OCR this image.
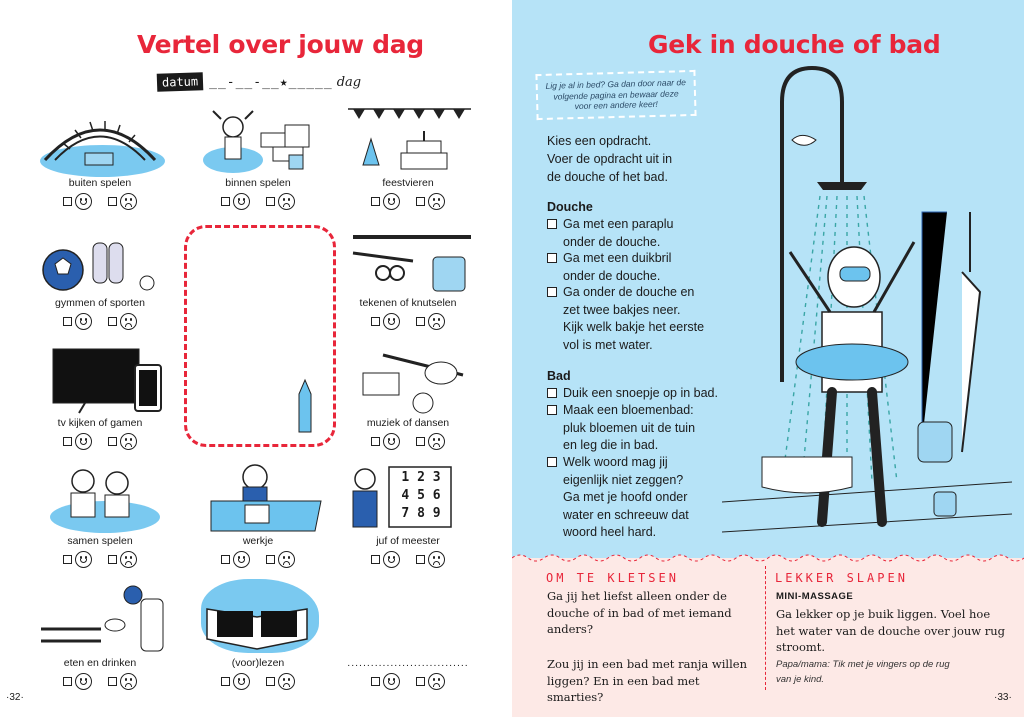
Vertel over jouw dag
datum __-__-__★_____ dag
buiten spelen	binnen spelen	feestvieren
gymmen of sporten	tekenen of knutselen
tv kijken of gamen	muziek of dansen
samen spelen	werkje
1 2 3
4 5 6
7 8 9
juf of meester
eten en drinken	(voor)lezen	...............................
·32·
Gek in douche of bad
Lig je al in bed? Ga dan door naar de volgende pagina en bewaar deze voor een andere keer!
Kies een opdracht.
Voer de opdracht uit in
de douche of het bad.
Douche
Ga met een paraplu
onder de douche.
Ga met een duikbril
onder de douche.
Ga onder de douche en
zet twee bakjes neer.
Kijk welk bakje het eerste
vol is met water.
Bad
Duik een snoepje op in bad.
Maak een bloemenbad:
pluk bloemen uit de tuin
en leg die in bad.
Welk woord mag jij
eigenlijk niet zeggen?
Ga met je hoofd onder
water en schreeuw dat
woord heel hard.
OM TE KLETSEN
Ga jij het liefst alleen onder de
douche of in bad of met iemand
anders?
Zou jij in een bad met ranja willen
liggen? En in een bad met smarties?
LEKKER SLAPEN
MINI-MASSAGE
Ga lekker op je buik liggen. Voel hoe
het water van de douche over jouw rug
stroomt.
Papa/mama: Tik met je vingers op de rug
van je kind.
·33·
